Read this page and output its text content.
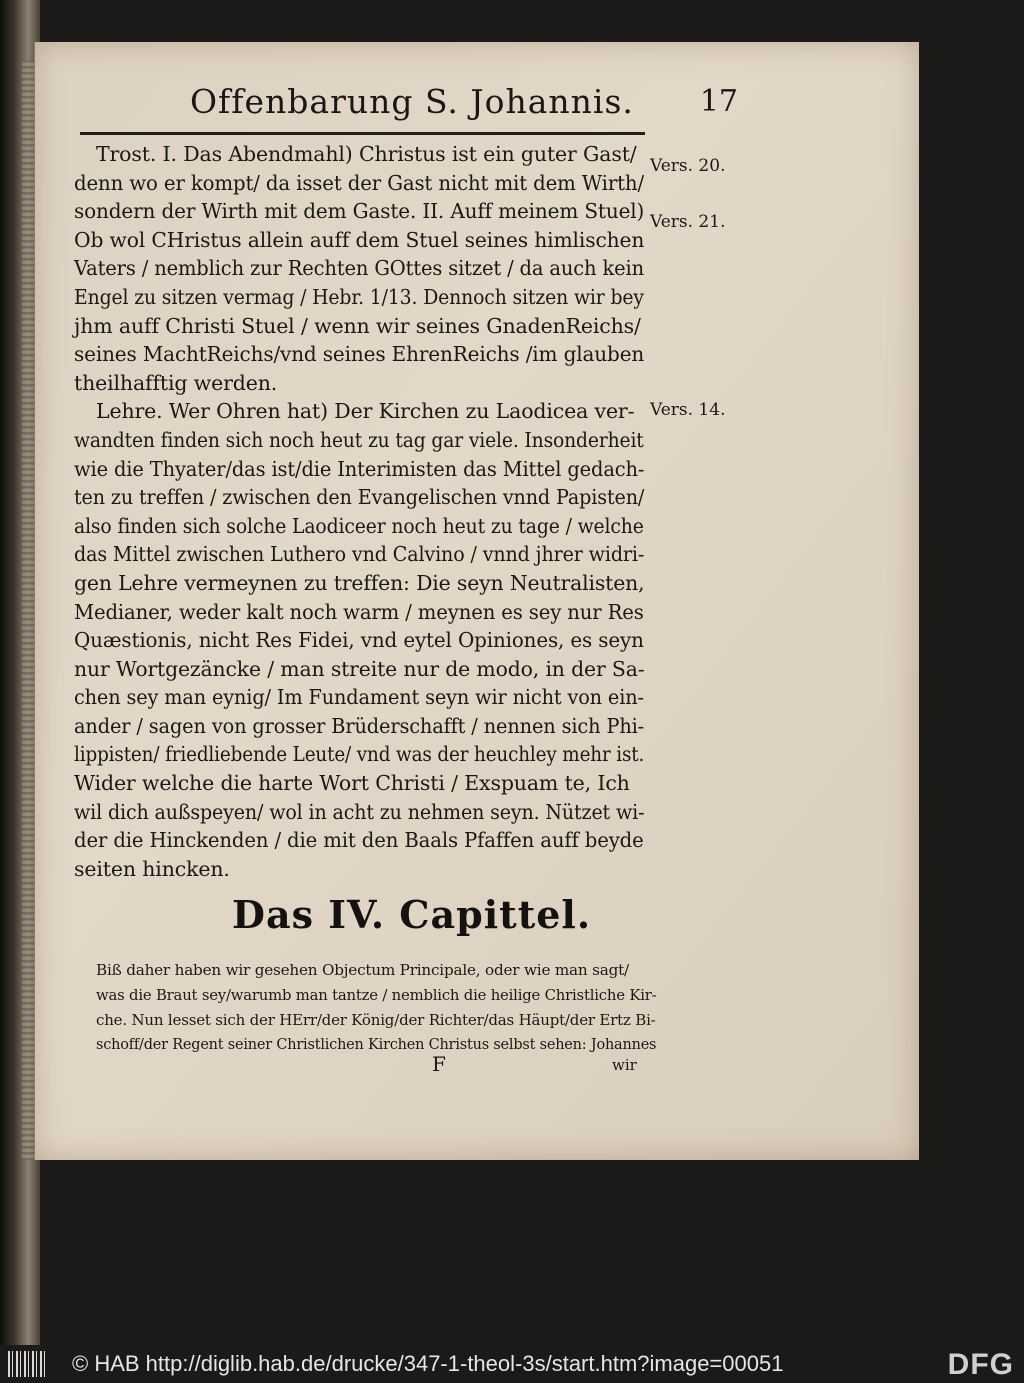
Offenbarung S. Johannis. 17
Trost. I. Das Abendmahl) Christus ist ein guter Gast/
denn wo er kompt/ da isset der Gast nicht mit dem Wirth/
sondern der Wirth mit dem Gaste. II. Auff meinem Stuel)
Ob wol CHristus allein auff dem Stuel seines himlischen
Vaters / nemblich zur Rechten GOttes sitzet / da auch kein
Engel zu sitzen vermag / Hebr. 1/13. Dennoch sitzen wir bey
jhm auff Christi Stuel / wenn wir seines GnadenReichs/
seines MachtReichs/vnd seines EhrenReichs /im glauben
theilhafftig werden.
Lehre. Wer Ohren hat) Der Kirchen zu Laodicea ver-
wandten finden sich noch heut zu tag gar viele. Insonderheit
wie die Thyater/das ist/die Interimisten das Mittel gedach-
ten zu treffen / zwischen den Evangelischen vnnd Papisten/
also finden sich solche Laodiceer noch heut zu tage / welche
das Mittel zwischen Luthero vnd Calvino / vnnd jhrer widri-
gen Lehre vermeynen zu treffen: Die seyn Neutralisten,
Medianer, weder kalt noch warm / meynen es sey nur Res
Quæstionis, nicht Res Fidei, vnd eytel Opiniones, es seyn
nur Wortgezäncke / man streite nur de modo, in der Sa-
chen sey man eynig/ Im Fundament seyn wir nicht von ein-
ander / sagen von grosser Brüderschafft / nennen sich Phi-
lippisten/ friedliebende Leute/ vnd was der heuchley mehr ist.
Wider welche die harte Wort Christi / Exspuam te, Ich
wil dich außspeyen/ wol in acht zu nehmen seyn. Nützet wi-
der die Hinckenden / die mit den Baals Pfaffen auff beyde
seiten hincken.
Vers. 20.
Vers. 21.
Vers. 14.
Das IV. Capittel.
Biß daher haben wir gesehen Objectum Principale, oder wie man sagt/
was die Braut sey/warumb man tantze / nemblich die heilige Christliche Kir-
che. Nun lesset sich der HErr/der König/der Richter/das Häupt/der Ertz Bi-
schoff/der Regent seiner Christlichen Kirchen Christus selbst sehen: Johannes
F	wir
© HAB http://diglib.hab.de/drucke/347-1-theol-3s/start.htm?image=00051	DFG
